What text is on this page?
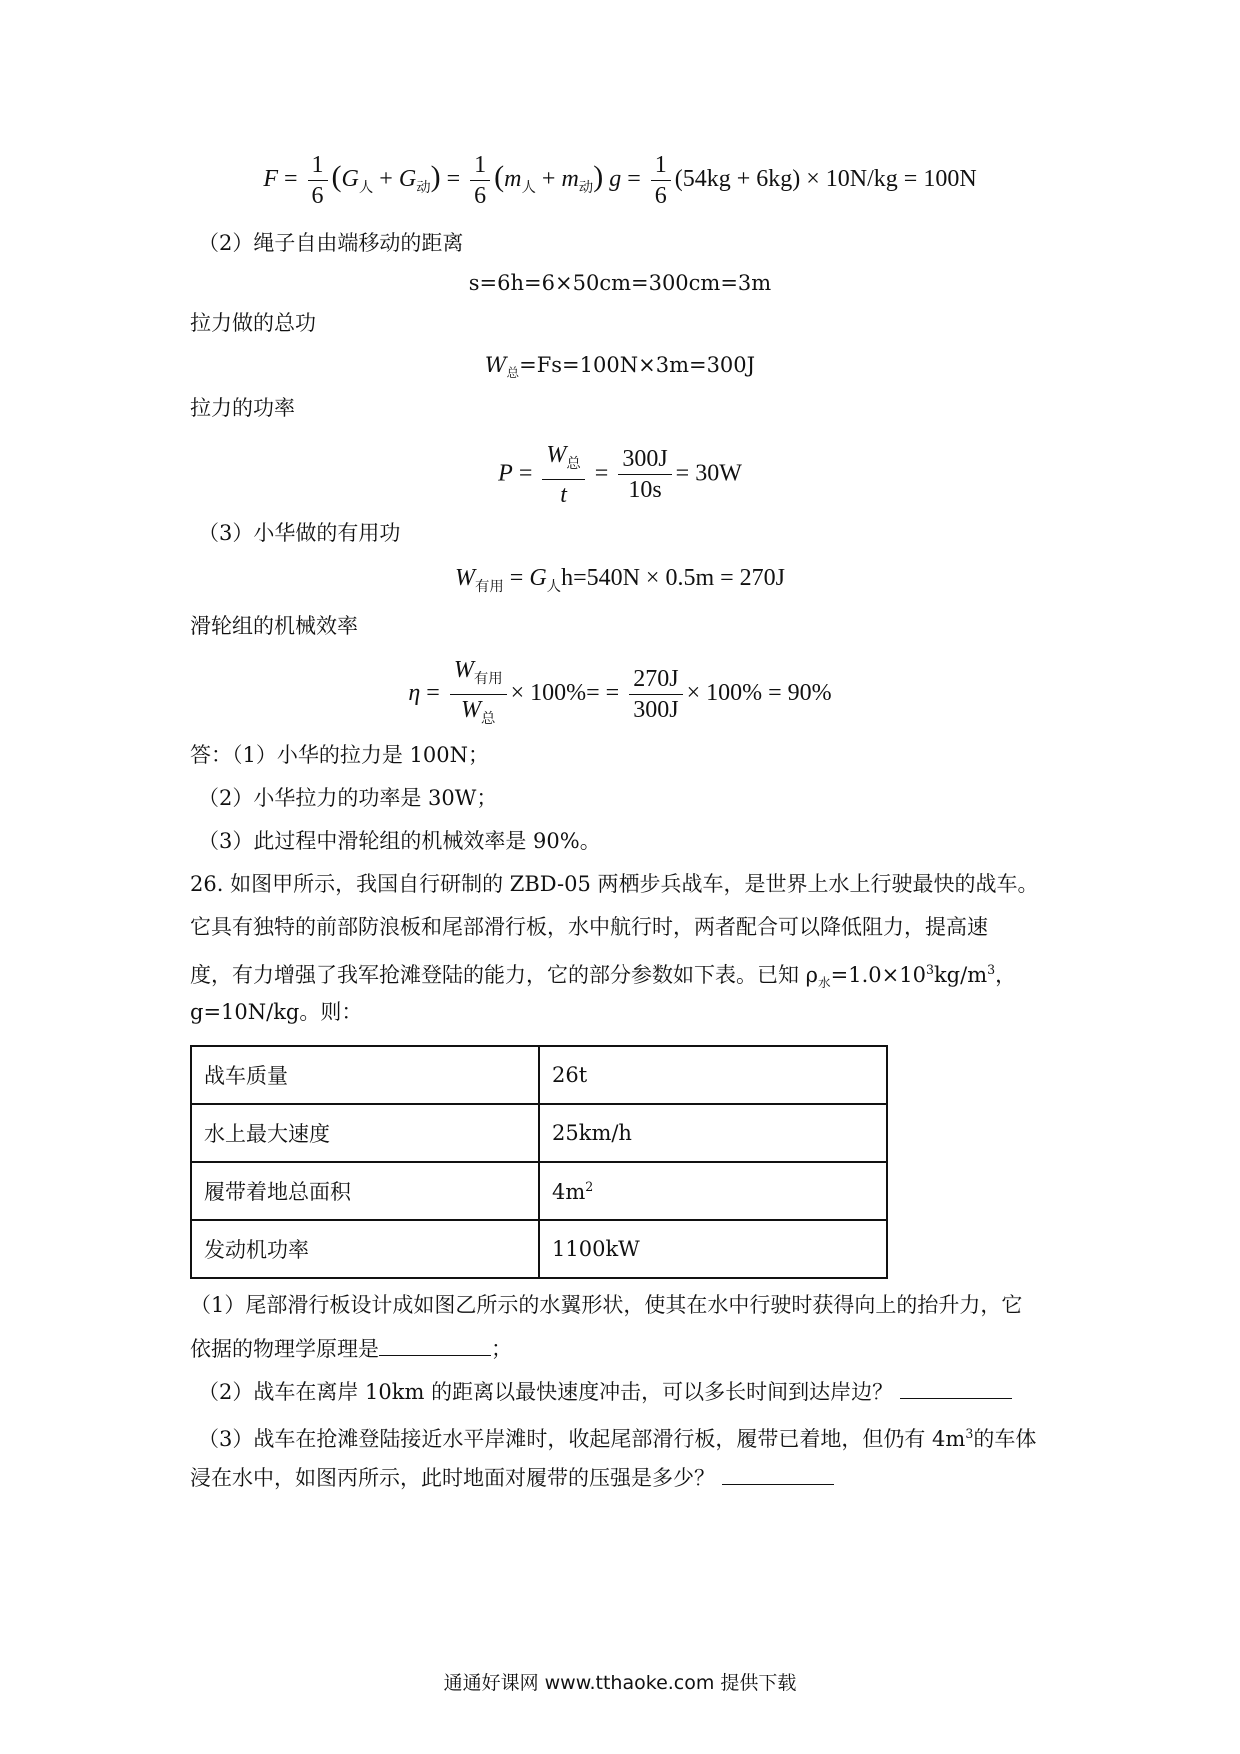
$F = \frac{1}{6} (G_人 + G_动) = \frac{1}{6} (m_人 + m_动) g = \frac{1}{6} (54kg + 6kg) \times 10N/kg = 100N$
（2）绳子自由端移动的距离
s=6h=6×50cm=300cm=3m
拉力做的总功
$W_总=Fs=100N\times 3m=300J$
拉力的功率
$P = \frac{W_总}{t} = \frac{300J}{10s} = 30W$
（3）小华做的有用功
$W_{有用} = G_人h=540N \times 0.5m = 270J$
滑轮组的机械效率
$\eta = \frac{W_{有用}}{W_总} \times 100\%= = \frac{270J}{300J} \times 100\% = 90\%$
答：（1）小华的拉力是 100N；
（2）小华拉力的功率是 30W；
（3）此过程中滑轮组的机械效率是 90%。
26. 如图甲所示，我国自行研制的 ZBD-05 两栖步兵战车，是世界上水上行驶最快的战车。
它具有独特的前部防浪板和尾部滑行板，水中航行时，两者配合可以降低阻力，提高速
度，有力增强了我军抢滩登陆的能力，它的部分参数如下表。已知 $\rho_水=1.0\times 10^3kg/m^3$，
g=10N/kg。则：
战车质量	26t
水上最大速度	25km/h
履带着地总面积	$4m^2$
发动机功率	1100kW
（1）尾部滑行板设计成如图乙所示的水翼形状，使其在水中行驶时获得向上的抬升力，它
依据的物理学原理是	；
（2）战车在离岸 10km 的距离以最快速度冲击，可以多长时间到达岸边？
（3）战车在抢滩登陆接近水平岸滩时，收起尾部滑行板，履带已着地，但仍有 $4m^3$的车体
浸在水中，如图丙所示，此时地面对履带的压强是多少？
通通好课网 www.tthaoke.com 提供下载
